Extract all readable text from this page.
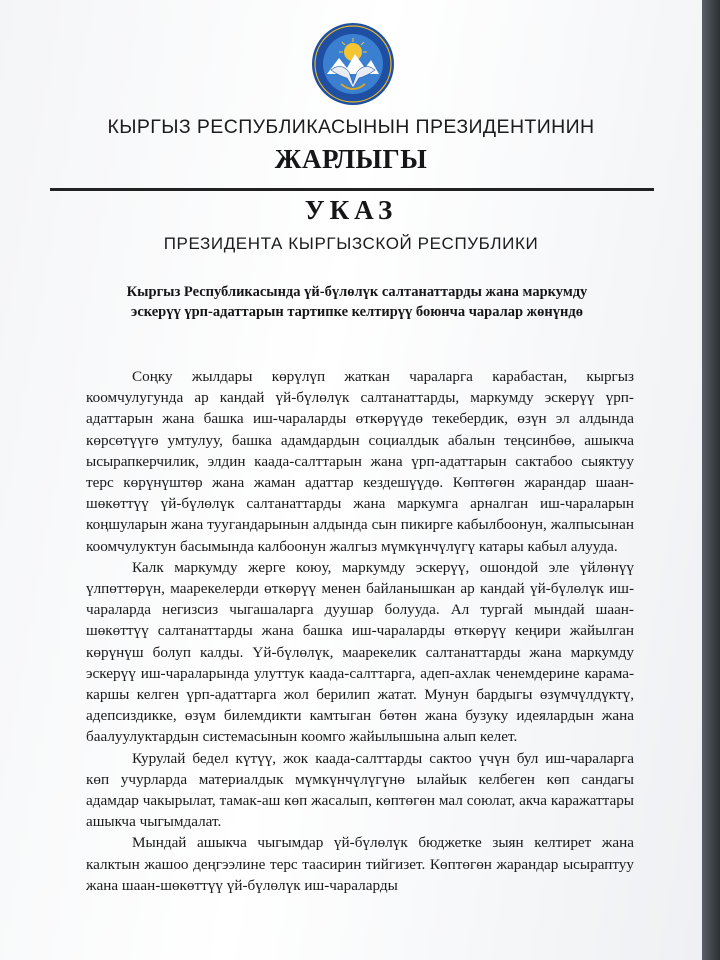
КЫРГЫЗ РЕСПУБЛИКАСЫНЫН ПРЕЗИДЕНТИНИН

ЖАРЛЫГЫ

УКАЗ

ПРЕЗИДЕНТА КЫРГЫЗСКОЙ РЕСПУБЛИКИ

Кыргыз Республикасында үй-бүлөлүк салтанаттарды жана маркумду эскерүү үрп-адаттарын тартипке келтирүү боюнча чаралар жөнүндө

Соңку жылдары көрүлүп жаткан чараларга карабастан, кыргыз коомчулугунда ар кандай үй-бүлөлүк салтанаттарды, маркумду эскерүү үрп-адаттарын жана башка иш-чараларды өткөрүүдө текебердик, өзүн эл алдында көрсөтүүгө умтулуу, башка адамдардын социалдык абалын теңсинбөө, ашыкча ысырапкерчилик, элдин каада-салттарын жана үрп-адаттарын сактабоо сыяктуу терс көрүнүштөр жана жаман адаттар кездешүүдө. Көптөгөн жарандар шаан-шөкөттүү үй-бүлөлүк салтанаттарды жана маркумга арналган иш-чараларын коңшуларын жана туугандарынын алдында сын пикирге кабылбоонун, жалпысынан коомчулуктун басымында калбоонун жалгыз мүмкүнчүлүгү катары кабыл алууда.

Калк маркумду жерге коюу, маркумду эскерүү, ошондой эле үйлөнүү үлпөттөрүн, маарекелерди өткөрүү менен байланышкан ар кандай үй-бүлөлүк иш-чараларда негизсиз чыгашаларга дуушар болууда. Ал тургай мындай шаан-шөкөттүү салтанаттарды жана башка иш-чараларды өткөрүү кеңири жайылган көрүнүш болуп калды. Үй-бүлөлүк, маарекелик салтанаттарды жана маркумду эскерүү иш-чараларында улуттук каада-салттарга, адеп-ахлак ченемдерине карама-каршы келген үрп-адаттарга жол берилип жатат. Мунун бардыгы өзүмчүлдүктү, адепсиздикке, өзүм билемдикти камтыган бөтөн жана бузуку идеялардын жана баалуулуктардын системасынын коомго жайылышына алып келет.

Курулай бедел күтүү, жок каада-салттарды сактоо үчүн бул иш-чараларга көп учурларда материалдык мүмкүнчүлүгүнө ылайык келбеген көп сандагы адамдар чакырылат, тамак-аш көп жасалып, көптөгөн мал союлат, акча каражаттары ашыкча чыгымдалат.

Мындай ашыкча чыгымдар үй-бүлөлүк бюджетке зыян келтирет жана калктын жашоо деңгээлине терс таасирин тийгизет. Көптөгөн жарандар ысыраптуу жана шаан-шөкөттүү үй-бүлөлүк иш-чараларды
